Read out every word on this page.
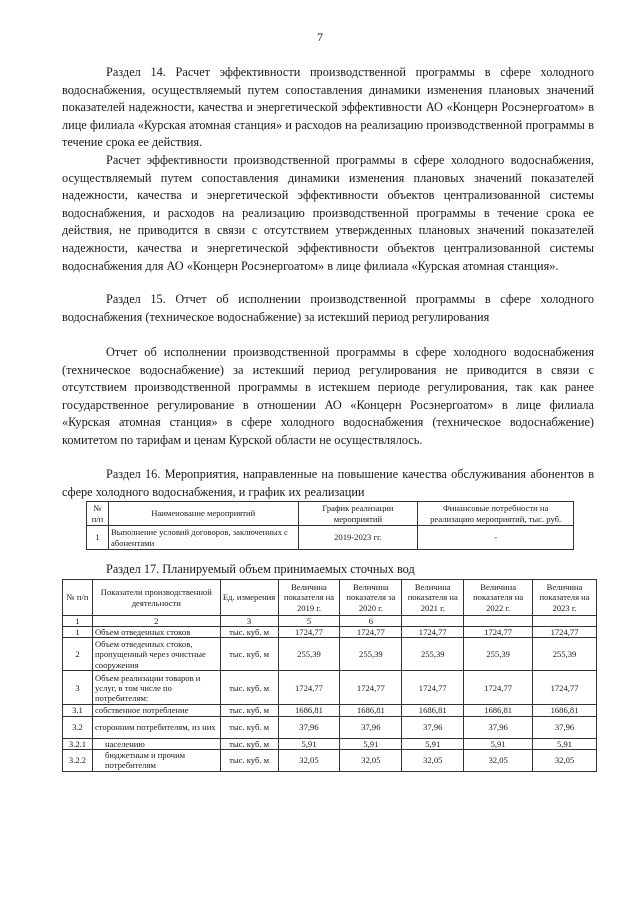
7

Раздел 14. Расчет эффективности производственной программы в сфере холодного водоснабжения, осуществляемый путем сопоставления динамики изменения плановых значений показателей надежности, качества и энергетической эффективности АО «Концерн Росэнергоатом» в лице филиала «Курская атомная станция» и расходов на реализацию производственной программы в течение срока ее действия.

Расчет эффективности производственной программы в сфере холодного водоснабжения, осуществляемый путем сопоставления динамики изменения плановых значений показателей надежности, качества и энергетической эффективности объектов централизованной системы водоснабжения, и расходов на реализацию производственной программы в течение срока ее действия, не приводится в связи с отсутствием утвержденных плановых значений показателей надежности, качества и энергетической эффективности объектов централизованной системы водоснабжения для АО «Концерн Росэнергоатом» в лице филиала «Курская атомная станция».

Раздел 15. Отчет об исполнении производственной программы в сфере холодного водоснабжения (техническое водоснабжение) за истекший период регулирования

Отчет об исполнении производственной программы в сфере холодного водоснабжения (техническое водоснабжение) за истекший период регулирования не приводится в связи с отсутствием производственной программы в истекшем периоде регулирования, так как ранее государственное регулирование в отношении АО «Концерн Росэнергоатом» в лице филиала «Курская атомная станция» в сфере холодного водоснабжения (техническое водоснабжение) комитетом по тарифам и ценам Курской области не осуществлялось.

Раздел 16. Мероприятия, направленные на повышение качества обслуживания абонентов в сфере холодного водоснабжения, и график их реализации

№ п/п	Наименование мероприятий	График реализации мероприятий	Финансовые потребности на реализацию мероприятий, тыс. руб.
1	Выполнение условий договоров, заключенных с абонентами	2019-2023 гг.	-

Раздел 17. Планируемый объем принимаемых сточных вод

№ п/п	Показатели производственной деятельности	Ед. измерения	Величина показателя на 2019 г.	Величина показателя за 2020 г.	Величина показателя на 2021 г.	Величина показателя на 2022 г.	Величина показателя на 2023 г.
1	2	3	5	6			
1	Объем отведенных стоков	тыс. куб. м	1724,77	1724,77	1724,77	1724,77	1724,77
2	Объем отведенных стоков, пропущенный через очистные сооружения	тыс. куб. м	255,39	255,39	255,39	255,39	255,39
3	Объем реализации товаров и услуг, в том числе по потребителям:	тыс. куб. м	1724,77	1724,77	1724,77	1724,77	1724,77
3.1	собственное потребление	тыс. куб. м	1686,81	1686,81	1686,81	1686,81	1686,81
3.2	сторонним потребителям, из них	тыс. куб. м	37,96	37,96	37,96	37,96	37,96
3.2.1	населению	тыс. куб. м	5,91	5,91	5,91	5,91	5,91
3.2.2	бюджетным и прочим потребителям	тыс. куб. м	32,05	32,05	32,05	32,05	32,05
